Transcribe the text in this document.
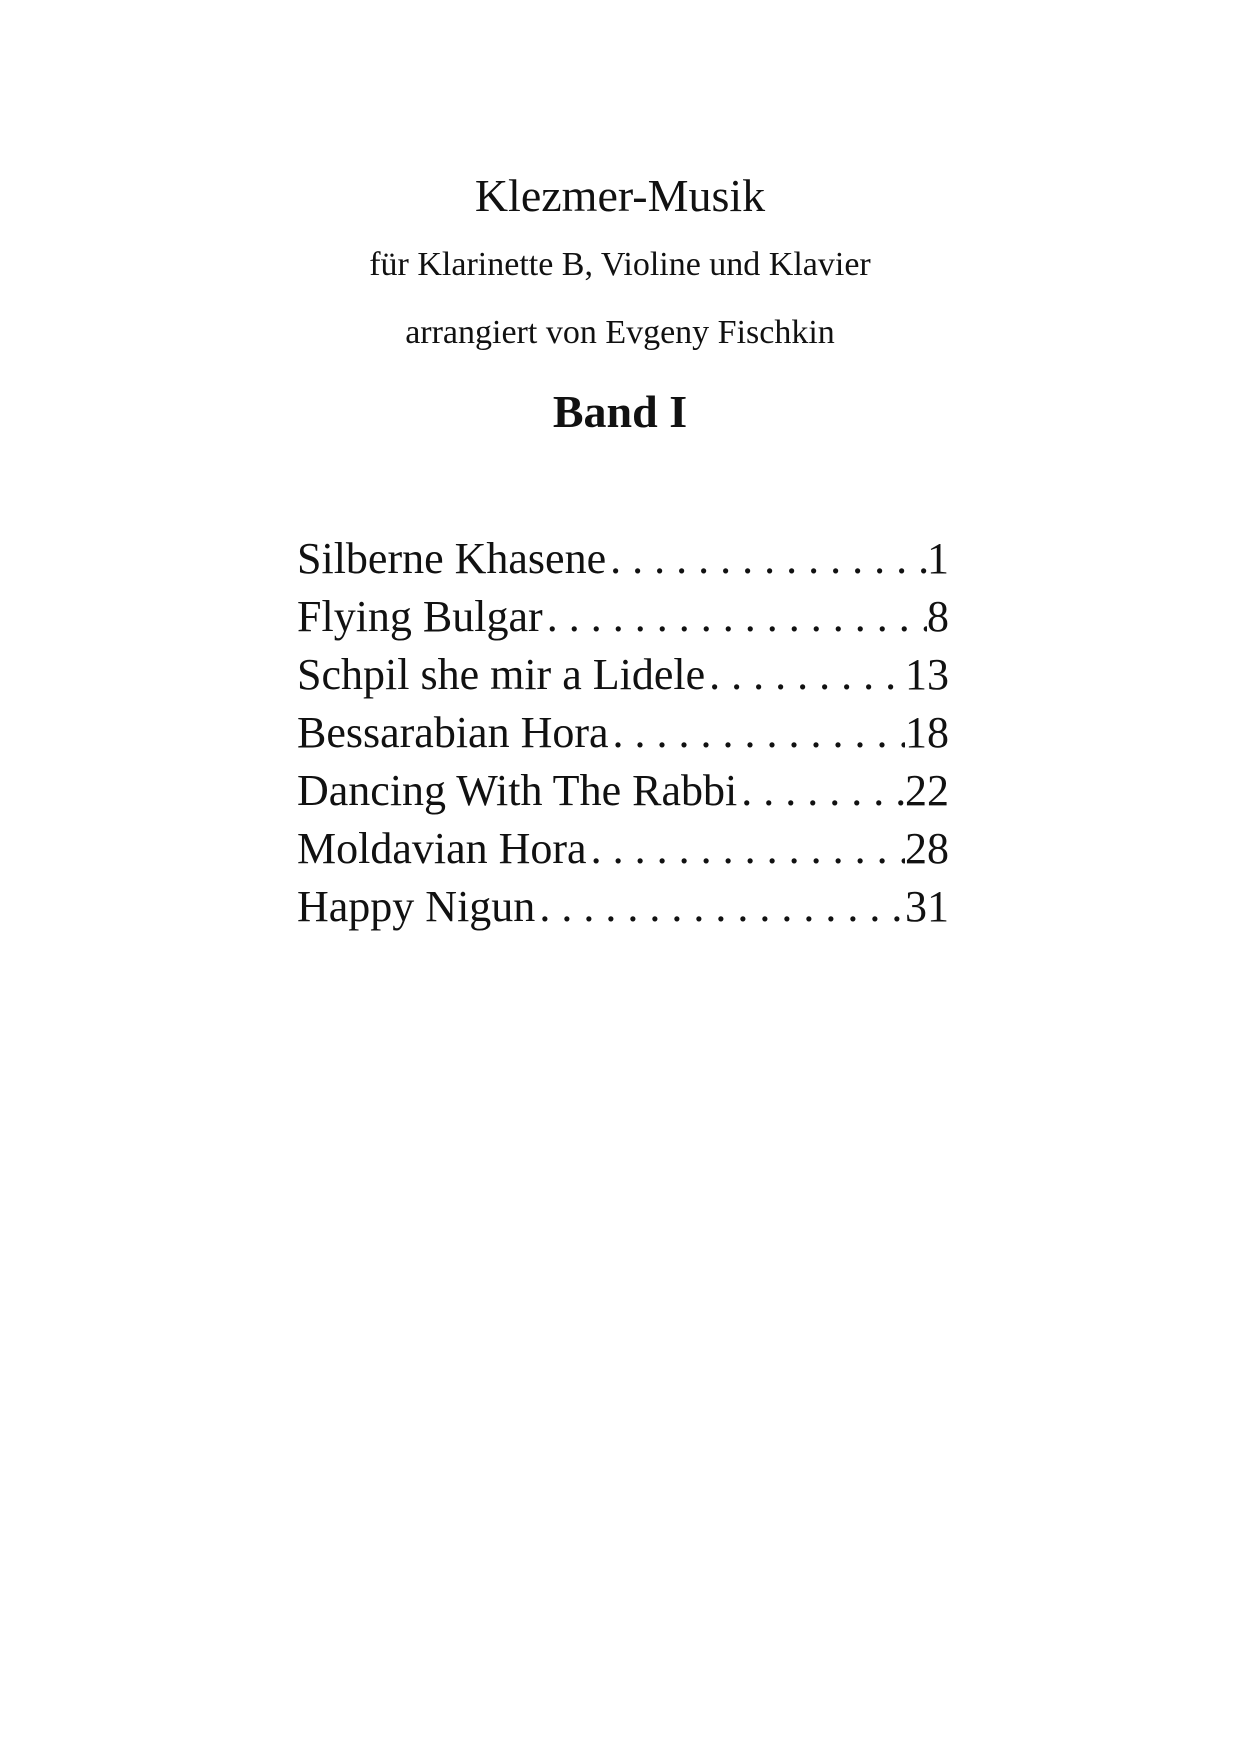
Klezmer-Musik
für Klarinette B, Violine und Klavier
arrangiert von Evgeny Fischkin
Band I
Silberne Khasene . . .	1
Flying Bulgar . . .	8
Schpil she mir a Lidele . . .	13
Bessarabian Hora . . .	18
Dancing With The Rabbi . . .	22
Moldavian Hora . . .	28
Happy Nigun . . .	31
